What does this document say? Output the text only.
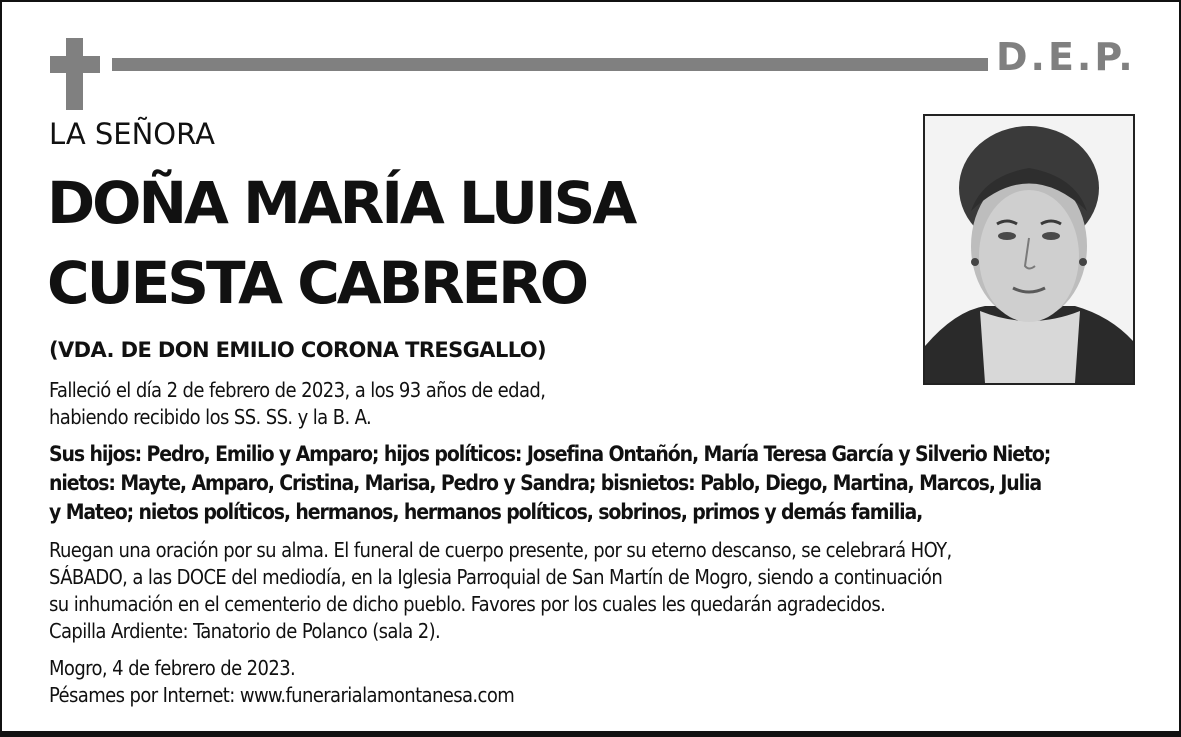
D.E.P.
LA SEÑORA
DOÑA MARÍA LUISA
CUESTA CABRERO
(VDA. DE DON EMILIO CORONA TRESGALLO)
Falleció el día 2 de febrero de 2023, a los 93 años de edad,
habiendo recibido los SS. SS. y la B. A.
Sus hijos: Pedro, Emilio y Amparo; hijos políticos: Josefina Ontañón, María Teresa García y Silverio Nieto;
nietos: Mayte, Amparo, Cristina, Marisa, Pedro y Sandra; bisnietos: Pablo, Diego, Martina, Marcos, Julia
y Mateo; nietos políticos, hermanos, hermanos políticos, sobrinos, primos y demás familia,
Ruegan una oración por su alma. El funeral de cuerpo presente, por su eterno descanso, se celebrará HOY,
SÁBADO, a las DOCE del mediodía, en la Iglesia Parroquial de San Martín de Mogro, siendo a continuación
su inhumación en el cementerio de dicho pueblo. Favores por los cuales les quedarán agradecidos.
Capilla Ardiente: Tanatorio de Polanco (sala 2).
Mogro, 4 de febrero de 2023.
Pésames por Internet: www.funerarialamontanesa.com
